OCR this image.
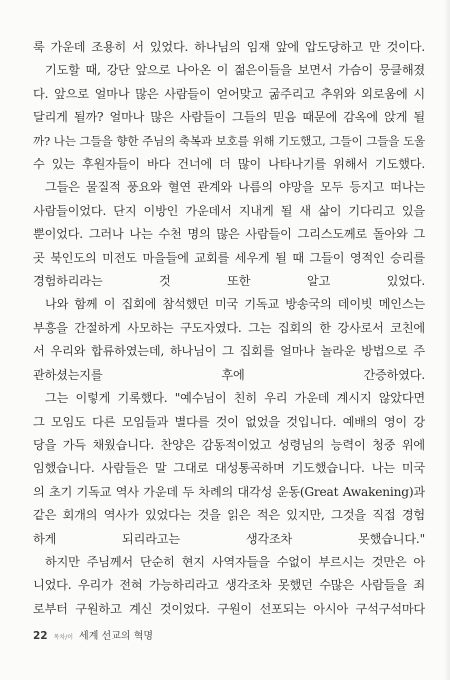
룩 가운데 조용히 서 있었다. 하나님의 임재 앞에 압도당하고 만 것이다.

기도할 때, 강단 앞으로 나아온 이 젊은이들을 보면서 가슴이 뭉클해졌
다. 앞으로 얼마나 많은 사람들이 얻어맞고 굶주리고 추위와 외로움에 시
달리게 될까? 얼마나 많은 사람들이 그들의 믿음 때문에 감옥에 앉게 될
까? 나는 그들을 향한 주님의 축복과 보호를 위해 기도했고, 그들이 그들을 도울
수 있는 후원자들이 바다 건너에 더 많이 나타나기를 위해서 기도했다.

그들은 물질적 풍요와 혈연 관계와 나름의 야망을 모두 등지고 떠나는
사람들이었다. 단지 이방인 가운데서 지내게 될 새 삶이 기다리고 있을
뿐이었다. 그러나 나는 수천 명의 많은 사람들이 그리스도께로 돌아와 그
곳 북인도의 미전도 마을들에 교회를 세우게 될 때 그들이 영적인 승리를
경험하리라는 것 또한 알고 있었다.

나와 함께 이 집회에 참석했던 미국 기독교 방송국의 데이빗 메인스는
부흥을 간절하게 사모하는 구도자였다. 그는 집회의 한 강사로서 코친에
서 우리와 합류하였는데, 하나님이 그 집회를 얼마나 놀라운 방법으로 주
관하셨는지를 후에 간증하였다.

그는 이렇게 기록했다. "예수님이 친히 우리 가운데 계시지 않았다면
그 모임도 다른 모임들과 별다를 것이 없었을 것입니다. 예배의 영이 강
당을 가득 채웠습니다. 찬양은 감동적이었고 성령님의 능력이 청중 위에
임했습니다. 사람들은 말 그대로 대성통곡하며 기도했습니다. 나는 미국
의 초기 기독교 역사 가운데 두 차례의 대각성 운동(Great Awakening)과
같은 회개의 역사가 있었다는 것을 읽은 적은 있지만, 그것을 직접 경험
하게 되리라고는 생각조차 못했습니다."

하지만 주님께서 단순히 현지 사역자들을 수없이 부르시는 것만은 아
니었다. 우리가 전혀 가능하리라고 생각조차 못했던 수많은 사람들을 죄
로부터 구원하고 계신 것이었다. 구원이 선포되는 아시아 구석구석마다

22 목차/이 세계 선교의 혁명
